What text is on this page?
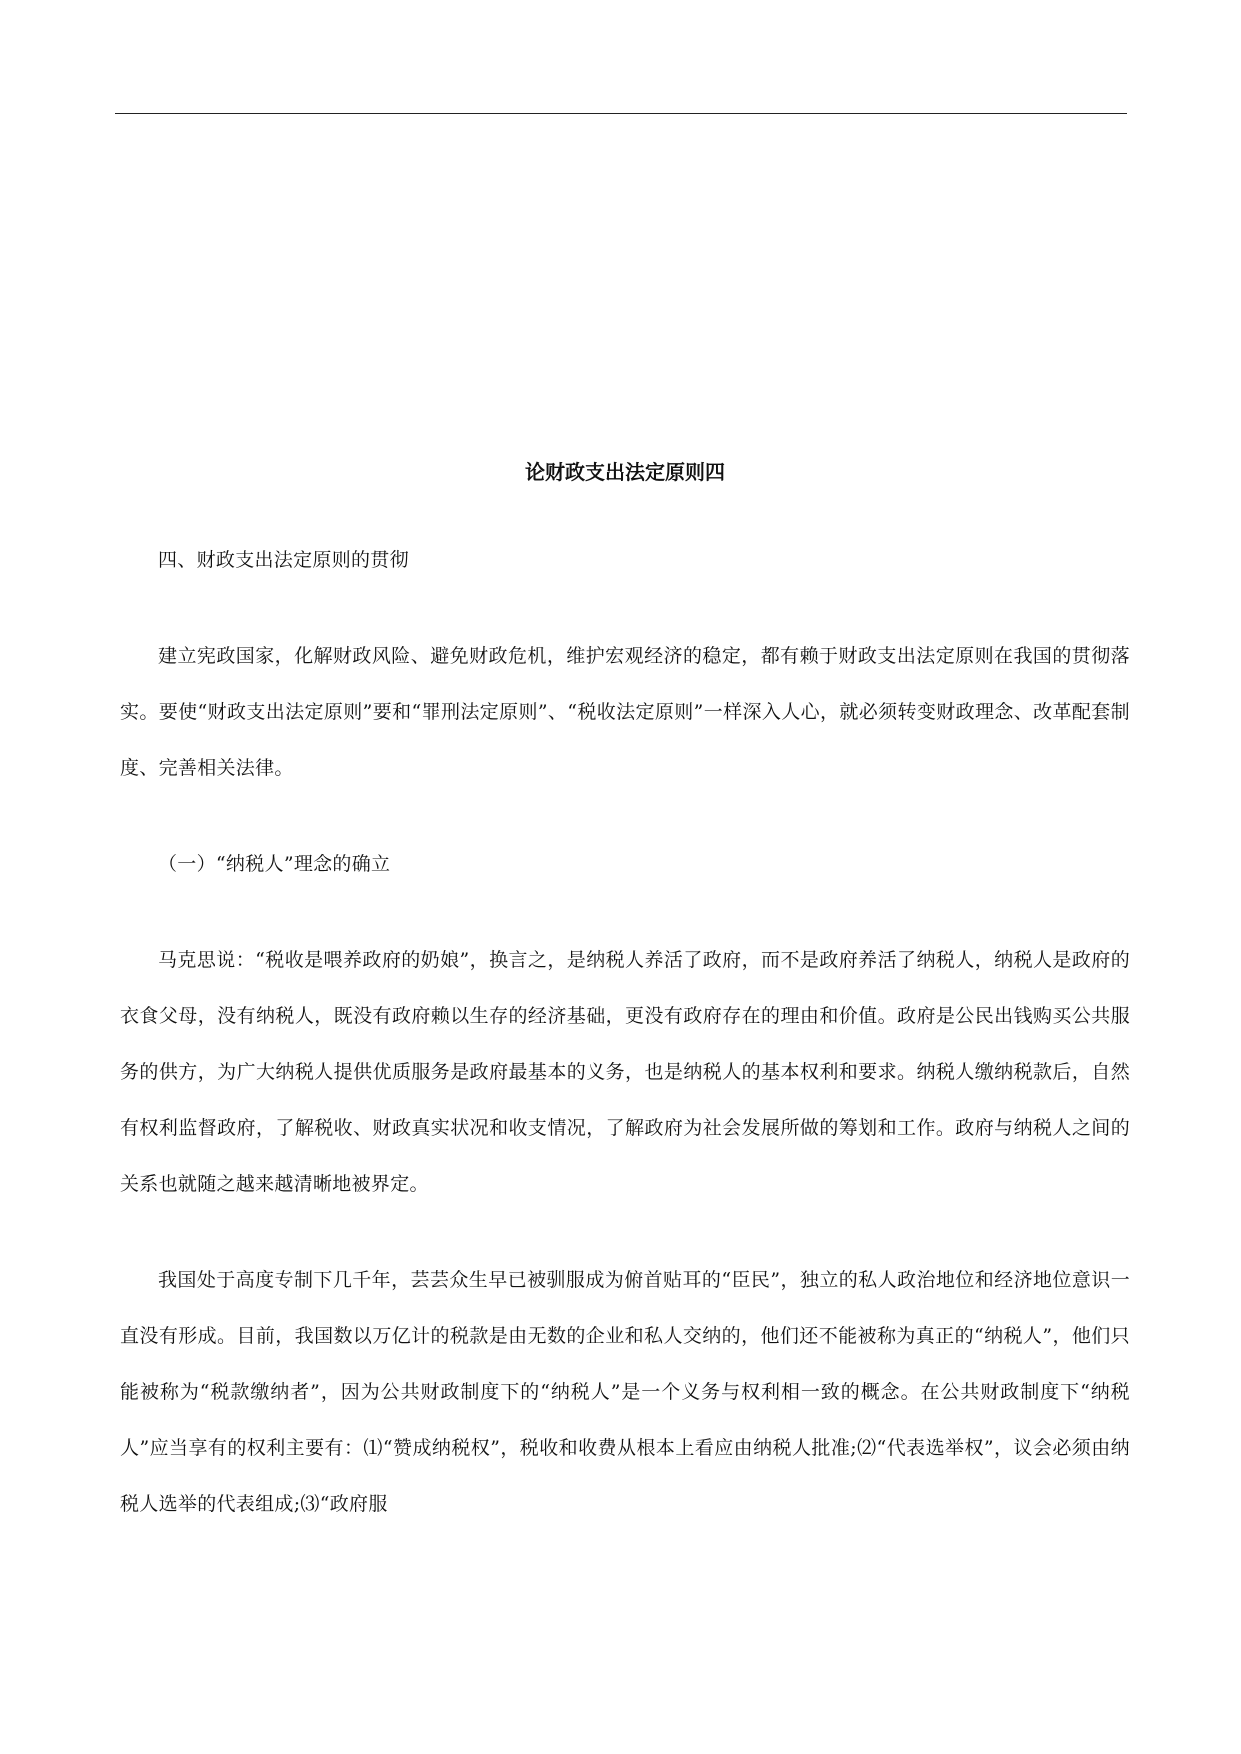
论财政支出法定原则四

四、财政支出法定原则的贯彻

建立宪政国家，化解财政风险、避免财政危机，维护宏观经济的稳定，都有赖于财政支出法定原则在我国的贯彻落实。要使“财政支出法定原则”要和“罪刑法定原则”、“税收法定原则”一样深入人心，就必须转变财政理念、改革配套制度、完善相关法律。

（一）“纳税人”理念的确立

马克思说：“税收是喂养政府的奶娘”，换言之，是纳税人养活了政府，而不是政府养活了纳税人，纳税人是政府的衣食父母，没有纳税人，既没有政府赖以生存的经济基础，更没有政府存在的理由和价值。政府是公民出钱购买公共服务的供方，为广大纳税人提供优质服务是政府最基本的义务，也是纳税人的基本权利和要求。纳税人缴纳税款后，自然有权利监督政府，了解税收、财政真实状况和收支情况，了解政府为社会发展所做的筹划和工作。政府与纳税人之间的关系也就随之越来越清晰地被界定。

我国处于高度专制下几千年，芸芸众生早已被驯服成为俯首贴耳的“臣民”，独立的私人政治地位和经济地位意识一直没有形成。目前，我国数以万亿计的税款是由无数的企业和私人交纳的，他们还不能被称为真正的“纳税人”，他们只能被称为“税款缴纳者”，因为公共财政制度下的“纳税人”是一个义务与权利相一致的概念。在公共财政制度下“纳税人”应当享有的权利主要有：⑴“赞成纳税权”，税收和收费从根本上看应由纳税人批准;⑵“代表选举权”，议会必须由纳税人选举的代表组成;⑶“政府服
